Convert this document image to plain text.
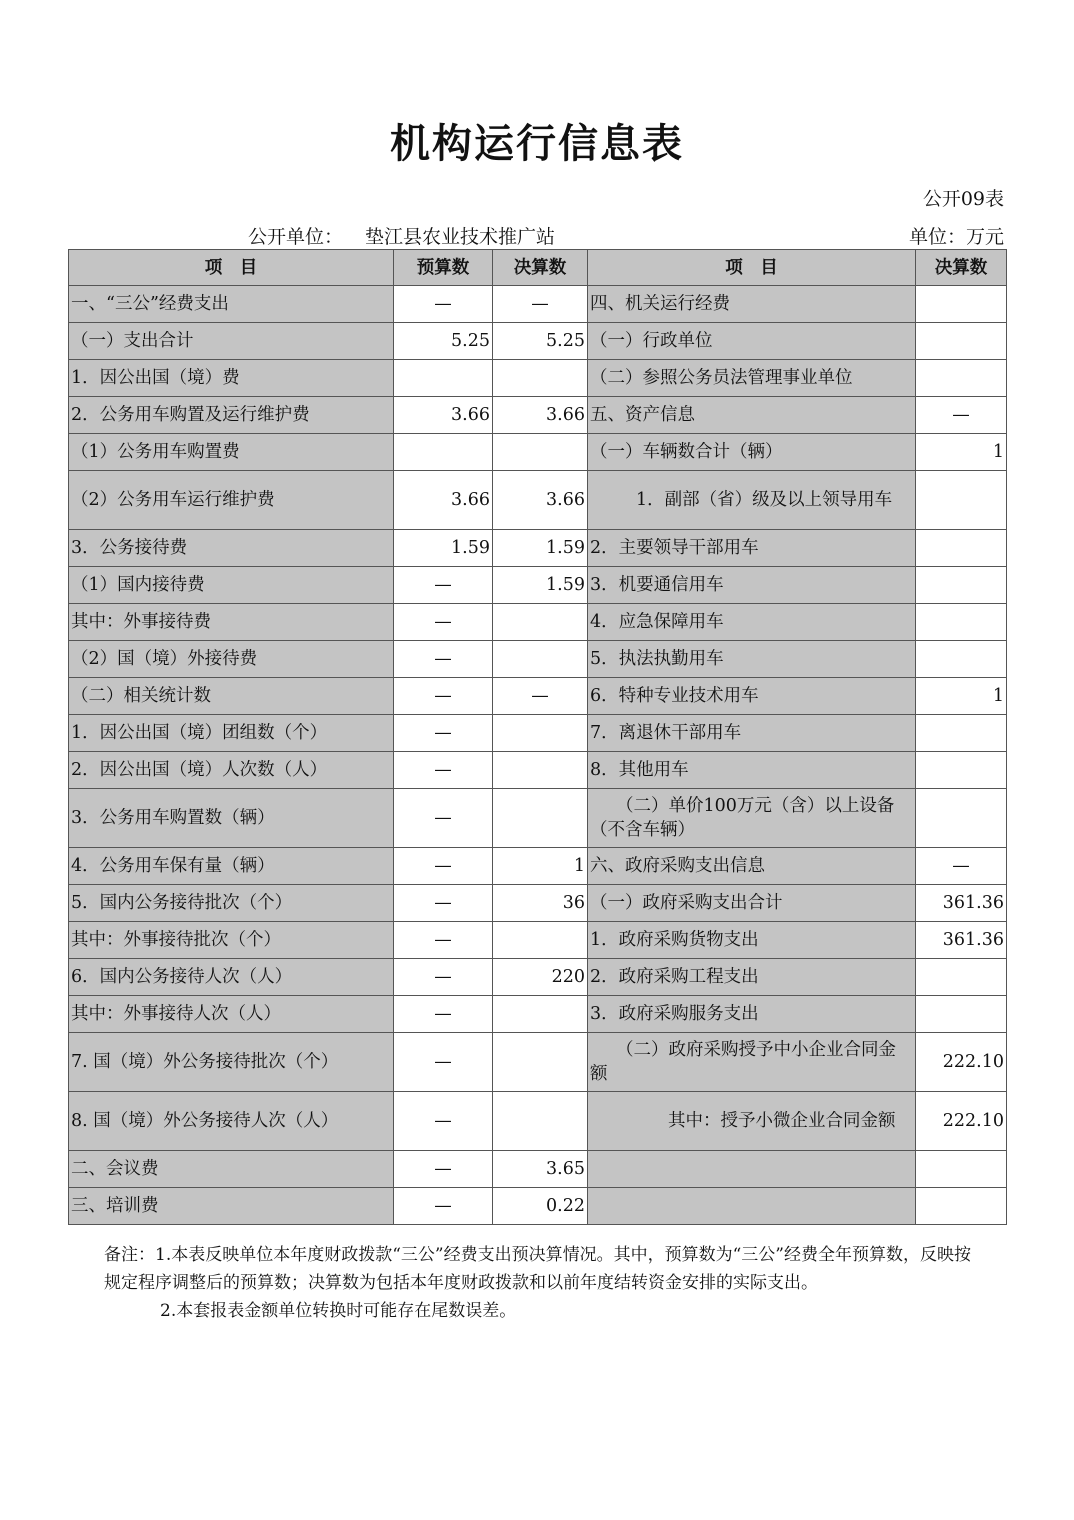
机构运行信息表
公开09表
公开单位： 垫江县农业技术推广站	单位：万元
项　目	预算数	决算数	项　目	决算数
一、“三公”经费支出	—	—	四、机关运行经费	
（一）支出合计	5.25	5.25	（一）行政单位	
1．因公出国（境）费			（二）参照公务员法管理事业单位	
2．公务用车购置及运行维护费	3.66	3.66	五、资产信息	—
（1）公务用车购置费			（一）车辆数合计（辆）	1
（2）公务用车运行维护费	3.66	3.66	1．副部（省）级及以上领导用车	
3．公务接待费	1.59	1.59	2．主要领导干部用车	
（1）国内接待费	—	1.59	3．机要通信用车	
其中：外事接待费	—		4．应急保障用车	
（2）国（境）外接待费	—		5．执法执勤用车	
（二）相关统计数	—	—	6．特种专业技术用车	1
1．因公出国（境）团组数（个）	—		7．离退休干部用车	
2．因公出国（境）人次数（人）	—		8．其他用车	
3．公务用车购置数（辆）	—		（二）单价100万元（含）以上设备（不含车辆）	
4．公务用车保有量（辆）	—	1	六、政府采购支出信息	—
5．国内公务接待批次（个）	—	36	（一）政府采购支出合计	361.36
其中：外事接待批次（个）	—		1．政府采购货物支出	361.36
6．国内公务接待人次（人）	—	220	2．政府采购工程支出	
其中：外事接待人次（人）	—		3．政府采购服务支出	
7. 国（境）外公务接待批次（个）	—		（二）政府采购授予中小企业合同金额	222.10
8. 国（境）外公务接待人次（人）	—		其中：授予小微企业合同金额	222.10
二、会议费	—	3.65		
三、培训费	—	0.22		

备注：1.本表反映单位本年度财政拨款“三公”经费支出预决算情况。其中，预算数为“三公”经费全年预算数，反映按规定程序调整后的预算数；决算数为包括本年度财政拨款和以前年度结转资金安排的实际支出。

2.本套报表金额单位转换时可能存在尾数误差。
